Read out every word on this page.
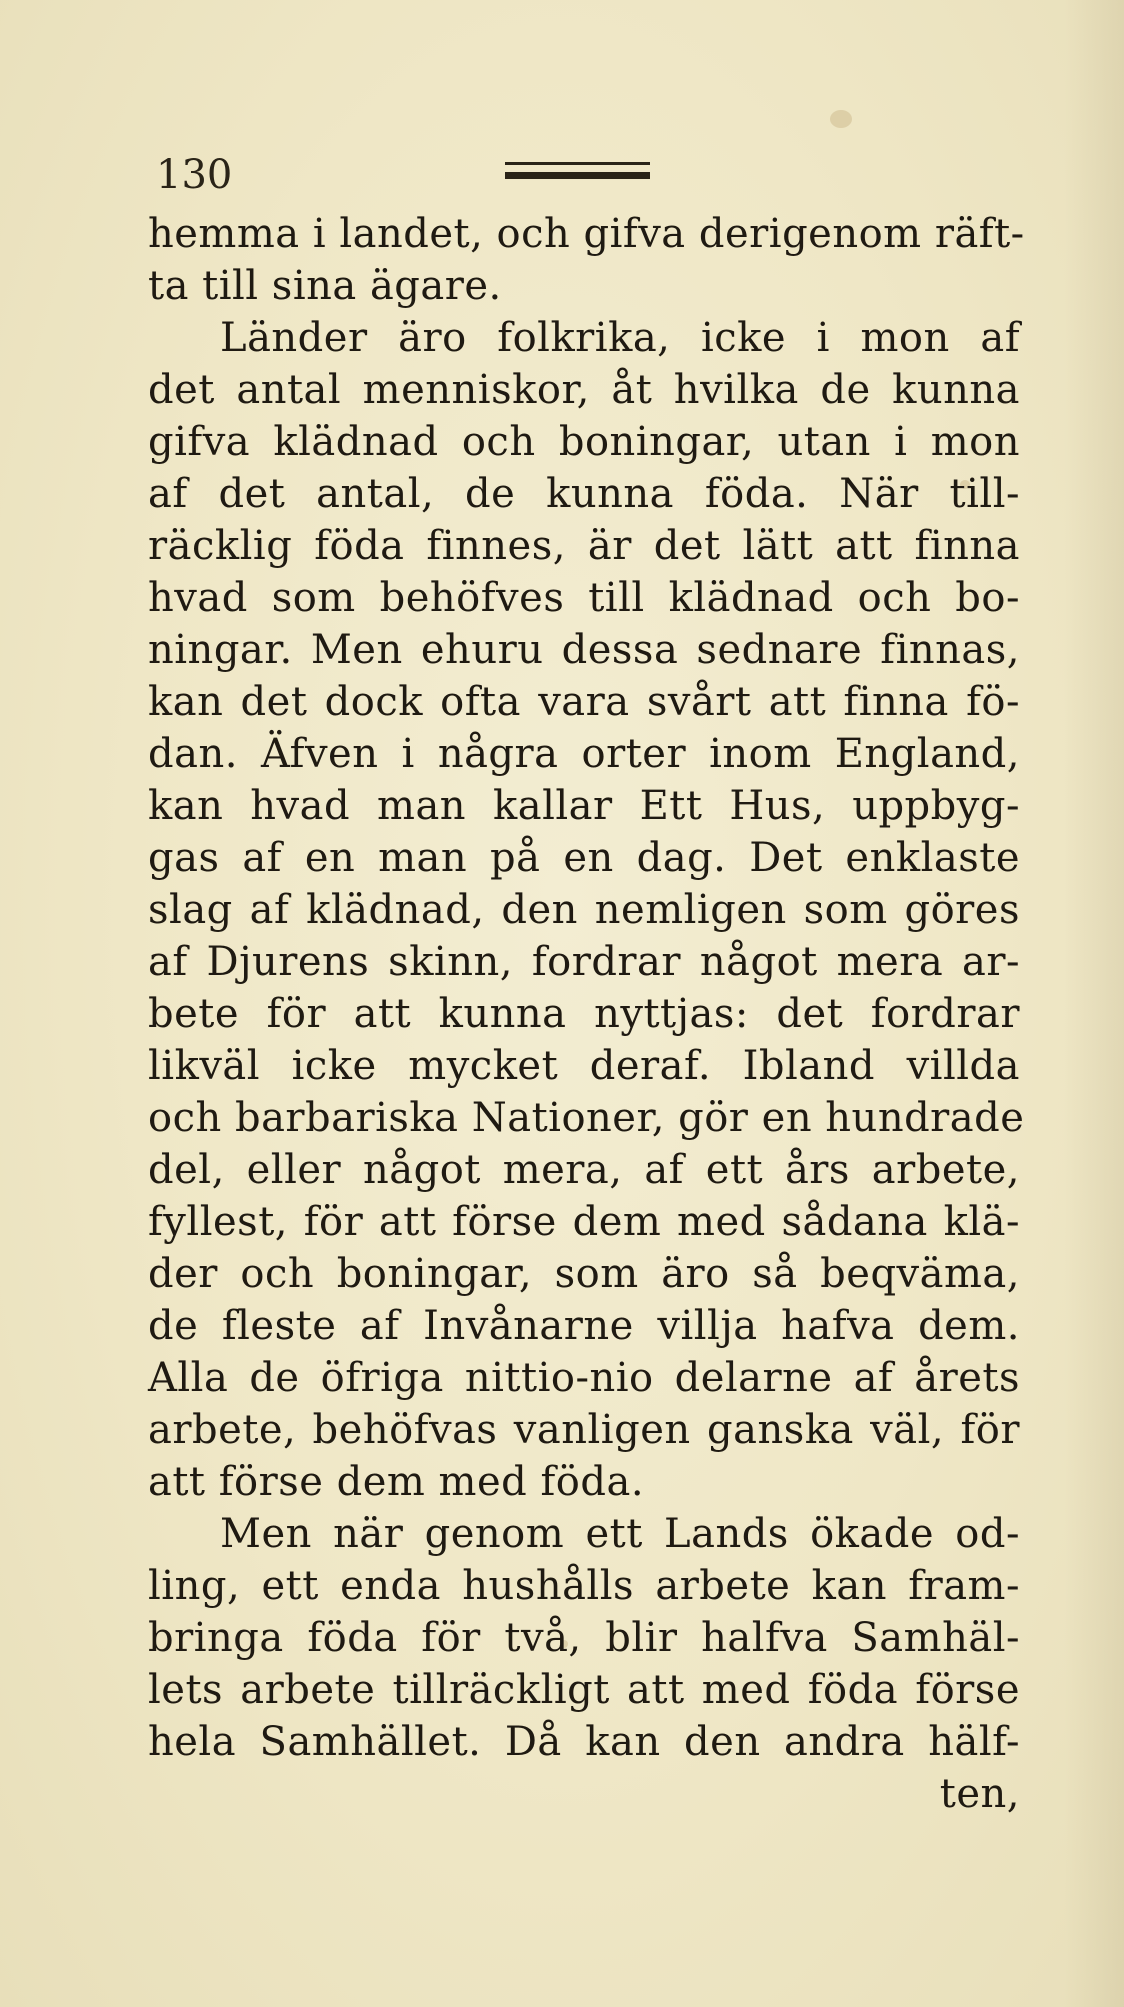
130
hemma i landet, och gifva derigenom räft-
ta till sina ägare.
Länder äro folkrika, icke i mon af
det antal menniskor, åt hvilka de kunna
gifva klädnad och boningar, utan i mon
af det antal, de kunna föda. När till-
räcklig föda finnes, är det lätt att finna
hvad som behöfves till klädnad och bo-
ningar. Men ehuru dessa sednare finnas,
kan det dock ofta vara svårt att finna fö-
dan. Äfven i några orter inom England,
kan hvad man kallar Ett Hus, uppbyg-
gas af en man på en dag. Det enklaste
slag af klädnad, den nemligen som göres
af Djurens skinn, fordrar något mera ar-
bete för att kunna nyttjas: det fordrar
likväl icke mycket deraf. Ibland villda
och barbariska Nationer, gör en hundrade
del, eller något mera, af ett års arbete,
fyllest, för att förse dem med sådana klä-
der och boningar, som äro så beqväma,
de fleste af Invånarne villja hafva dem.
Alla de öfriga nittio-nio delarne af årets
arbete, behöfvas vanligen ganska väl, för
att förse dem med föda.
Men när genom ett Lands ökade od-
ling, ett enda hushålls arbete kan fram-
bringa föda för två, blir halfva Samhäl-
lets arbete tillräckligt att med föda förse
hela Samhället. Då kan den andra hälf-
ten,
